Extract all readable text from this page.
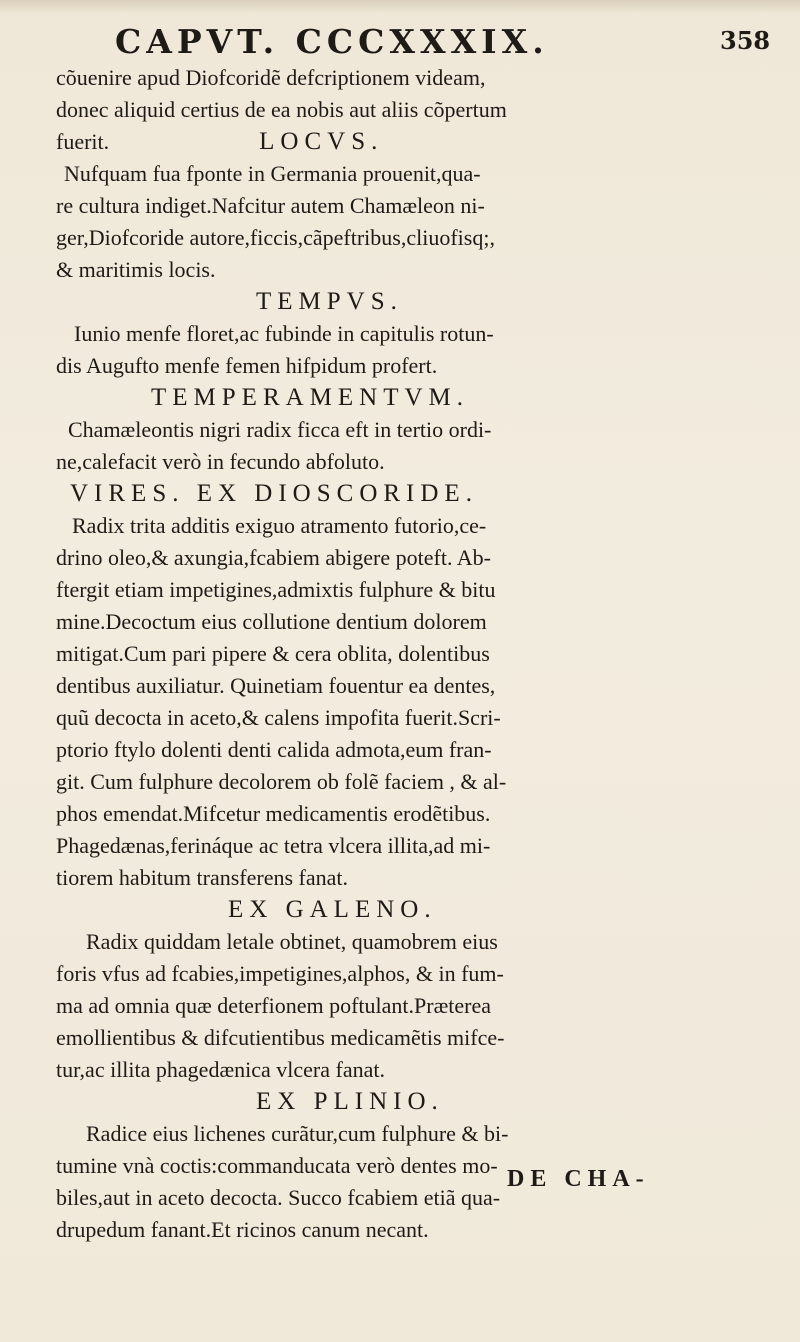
CAPVT. CCCXXXIX.	358
cõuenire apud Diofcoridẽ defcriptionem videam,
donec aliquid certius de ea nobis aut aliis cõpertum
fuerit.	LOCVS.
Nufquam fua fponte in Germania prouenit,qua-
re cultura indiget.Nafcitur autem Chamæleon ni-
ger,Diofcoride autore,ficcis,cãpeftribus,cliuofisq;,
& maritimis locis.
TEMPVS.
Iunio menfe floret,ac fubinde in capitulis rotun-
dis Augufto menfe femen hifpidum profert.
TEMPERAMENTVM.
Chamæleontis nigri radix ficca eft in tertio ordi-
ne,calefacit verò in fecundo abfoluto.
VIRES. EX DIOSCORIDE.
Radix trita additis exiguo atramento futorio,ce-
drino oleo,& axungia,fcabiem abigere poteft. Ab-
ftergit etiam impetigines,admixtis fulphure & bitu
mine.Decoctum eius collutione dentium dolorem
mitigat.Cum pari pipere & cera oblita, dolentibus
dentibus auxiliatur. Quinetiam fouentur ea dentes,
quũ decocta in aceto,& calens impofita fuerit.Scri-
ptorio ftylo dolenti denti calida admota,eum fran-
git. Cum fulphure decolorem ob folẽ faciem , & al-
phos emendat.Mifcetur medicamentis erodẽtibus.
Phagedænas,ferináque ac tetra vlcera illita,ad mi-
tiorem habitum transferens fanat.
EX GALENO.
Radix quiddam letale obtinet, quamobrem eius
foris vfus ad fcabies,impetigines,alphos, & in fum-
ma ad omnia quæ deterfionem poftulant.Præterea
emollientibus & difcutientibus medicamẽtis mifce-
tur,ac illita phagedænica vlcera fanat.
EX PLINIO.
Radice eius lichenes curãtur,cum fulphure & bi-
tumine vnà coctis:commanducata verò dentes mo-
biles,aut in aceto decocta. Succo fcabiem etiã qua-
drupedum fanant.Et ricinos canum necant.
DE CHA-
